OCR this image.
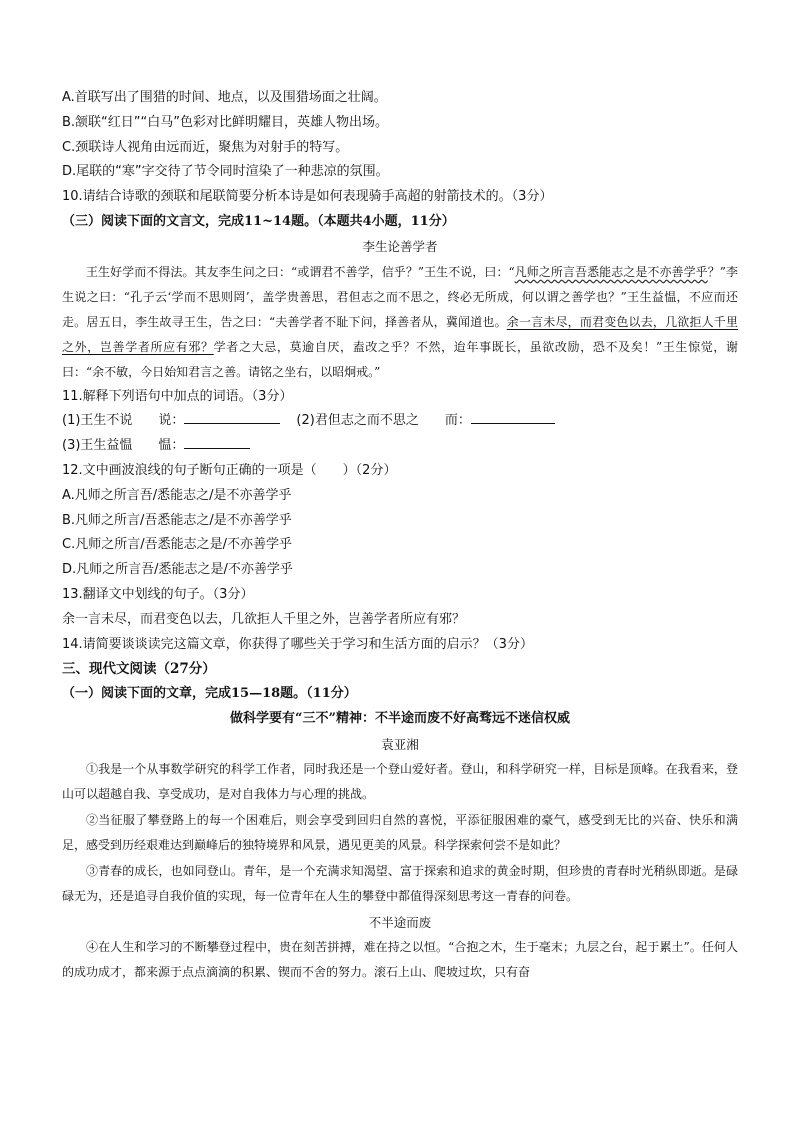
A.首联写出了围猎的时间、地点，以及围猎场面之壮阔。
B.颔联“红日”“白马”色彩对比鲜明耀目，英雄人物出场。
C.颈联诗人视角由远而近，聚焦为对射手的特写。
D.尾联的“寒”字交待了节令同时渲染了一种悲凉的氛围。
10.请结合诗歌的颈联和尾联简要分析本诗是如何表现骑手高超的射箭技术的。（3分）
（三）阅读下面的文言文，完成11~14题。（本题共4小题，11分）
李生论善学者

王生好学而不得法。其友李生问之曰：“或谓君不善学，信乎？”王生不说，曰：“凡师之所言吾悉能志之是不亦善学乎？”李生说之曰：“孔子云‘学而不思则罔’，盖学贵善思，君但志之而不思之，终必无所成，何以谓之善学也？”王生益愠，不应而还走。居五日，李生故寻王生，告之曰：“夫善学者不耻下问，择善者从，冀闻道也。余一言未尽，而君变色以去，几欲拒人千里之外，岂善学者所应有邪？学者之大忌，莫逾自厌，盍改之乎？不然，迨年事既长，虽欲改励，恐不及矣！”王生惊觉，谢曰：“余不敏，今日始知君言之善。请铭之坐右，以昭炯戒。”

11.解释下列语句中加点的词语。（3分）
(1)王生不说　　说：	(2)君但志之而不思之　　而：
(3)王生益愠　　愠：
12.文中画波浪线的句子断句正确的一项是（　　）（2分）
A.凡师之所言吾/悉能志之/是不亦善学乎
B.凡师之所言/吾悉能志之/是不亦善学乎
C.凡师之所言/吾悉能志之是/不亦善学乎
D.凡师之所言吾/悉能志之是/不亦善学乎
13.翻译文中划线的句子。（3分）
余一言未尽，而君变色以去，几欲拒人千里之外，岂善学者所应有邪？
14.请简要谈谈读完这篇文章，你获得了哪些关于学习和生活方面的启示？（3分）
三、现代文阅读（27分）
（一）阅读下面的文章，完成15—18题。（11分）
做科学要有“三不”精神：不半途而废不好高骛远不迷信权威
袁亚湘

①我是一个从事数学研究的科学工作者，同时我还是一个登山爱好者。登山，和科学研究一样，目标是顶峰。在我看来，登山可以超越自我、享受成功，是对自我体力与心理的挑战。

②当征服了攀登路上的每一个困难后，则会享受到回归自然的喜悦，平添征服困难的豪气，感受到无比的兴奋、快乐和满足，感受到历经艰难达到巅峰后的独特境界和风景，遇见更美的风景。科学探索何尝不是如此？

③青春的成长，也如同登山。青年，是一个充满求知渴望、富于探索和追求的黄金时期，但珍贵的青春时光稍纵即逝。是碌碌无为，还是追寻自我价值的实现，每一位青年在人生的攀登中都值得深刻思考这一青春的问卷。

不半途而废

④在人生和学习的不断攀登过程中，贵在刻苦拼搏，难在持之以恒。“合抱之木，生于毫末；九层之台，起于累土”。任何人的成功成才，都来源于点点滴滴的积累、锲而不舍的努力。滚石上山、爬坡过坎，只有奋
